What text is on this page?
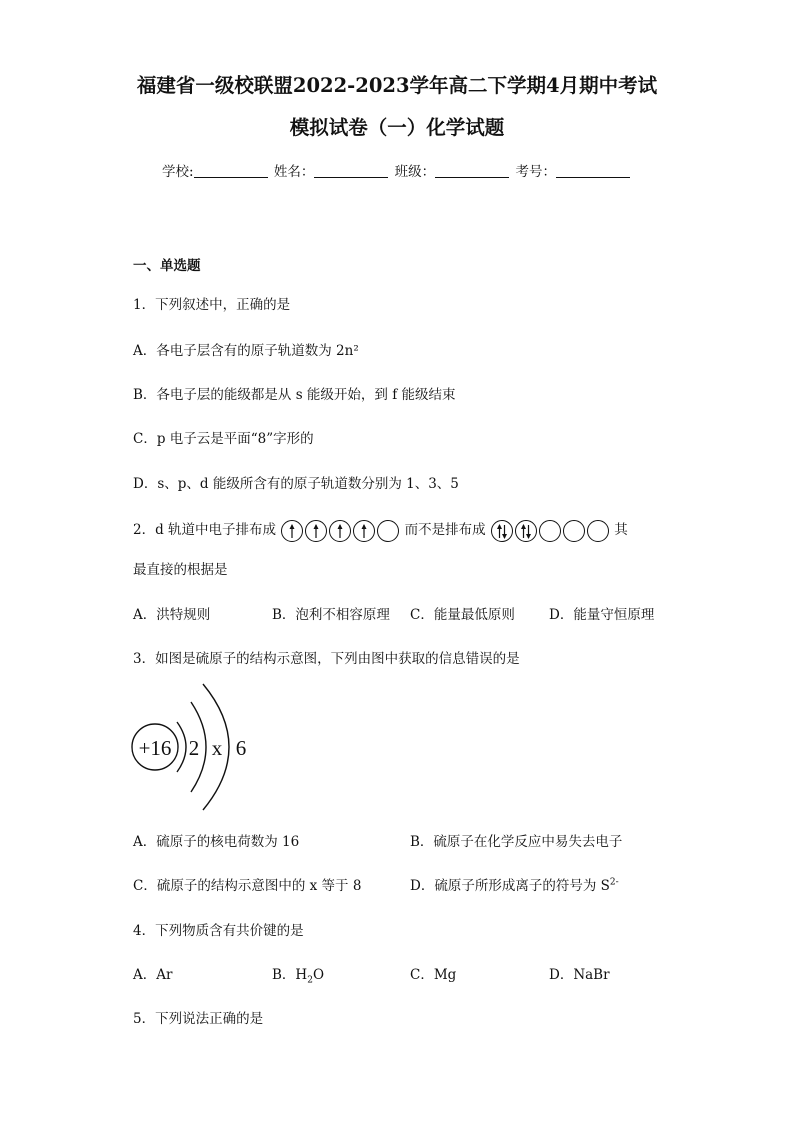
福建省一级校联盟2022-2023学年高二下学期4月期中考试
模拟试卷（一）化学试题
学校:	姓名：	班级：	考号：
一、单选题
1．下列叙述中，正确的是
A．各电子层含有的原子轨道数为 2n²
B．各电子层的能级都是从 s 能级开始，到 f 能级结束
C．p 电子云是平面“8”字形的
D．s、p、d 能级所含有的原子轨道数分别为 1、3、5
2．d 轨道中电子排布成	而不是排布成	其
最直接的根据是
A．洪特规则	B．泡利不相容原理 C．能量最低原则	D．能量守恒原理
3．如图是硫原子的结构示意图，下列由图中获取的信息错误的是
+16 2 x 6
A．硫原子的核电荷数为 16	B．硫原子在化学反应中易失去电子
C．硫原子的结构示意图中的 x 等于 8	D．硫原子所形成离子的符号为 $S^{2-}$
4．下列物质含有共价键的是
A．Ar	B．$H_2O$	C．Mg	D．NaBr
5．下列说法正确的是
